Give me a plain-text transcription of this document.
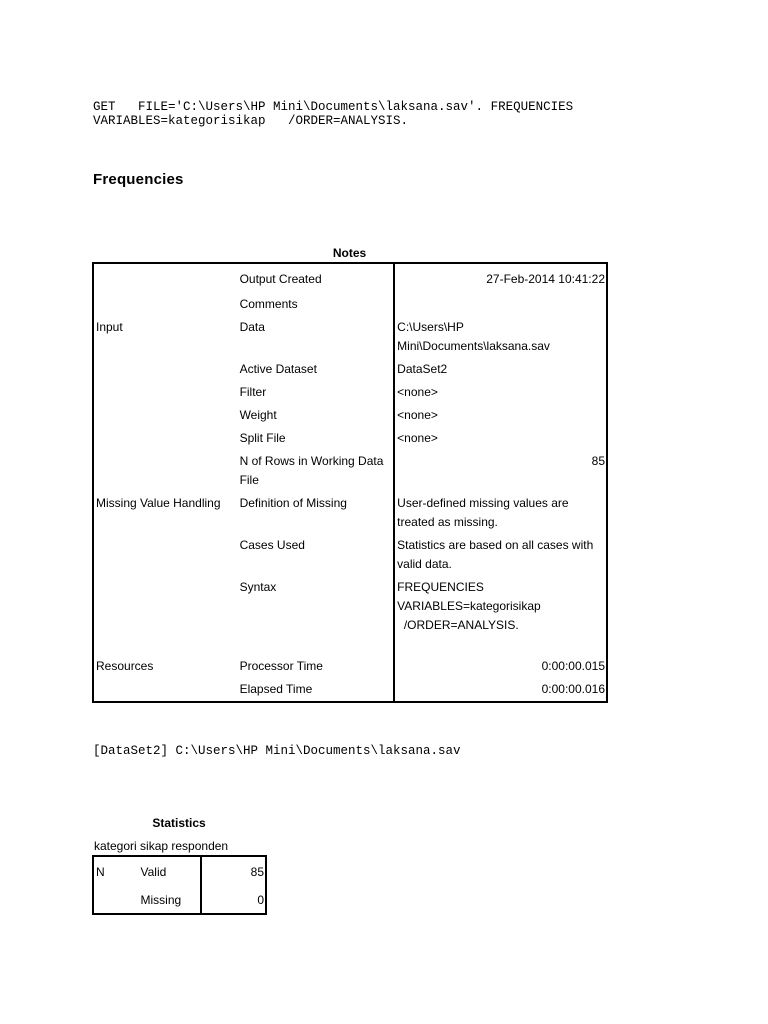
GET   FILE='C:\Users\HP Mini\Documents\laksana.sav'. FREQUENCIES
VARIABLES=kategorisikap   /ORDER=ANALYSIS.
Frequencies
Notes
	Output Created	27-Feb-2014 10:41:22
	Comments	
Input	Data	C:\Users\HP Mini\Documents\laksana.sav
	Active Dataset	DataSet2
	Filter	<none>
	Weight	<none>
	Split File	<none>
	N of Rows in Working Data File	85
Missing Value Handling	Definition of Missing	User-defined missing values are treated as missing.
	Cases Used	Statistics are based on all cases with valid data.
	Syntax	FREQUENCIES
VARIABLES=kategorisikap
/ORDER=ANALYSIS.

Resources	Processor Time	0:00:00.015
	Elapsed Time	0:00:00.016
[DataSet2] C:\Users\HP Mini\Documents\laksana.sav
Statistics
kategori sikap responden
N	Valid	85
	Missing	0
